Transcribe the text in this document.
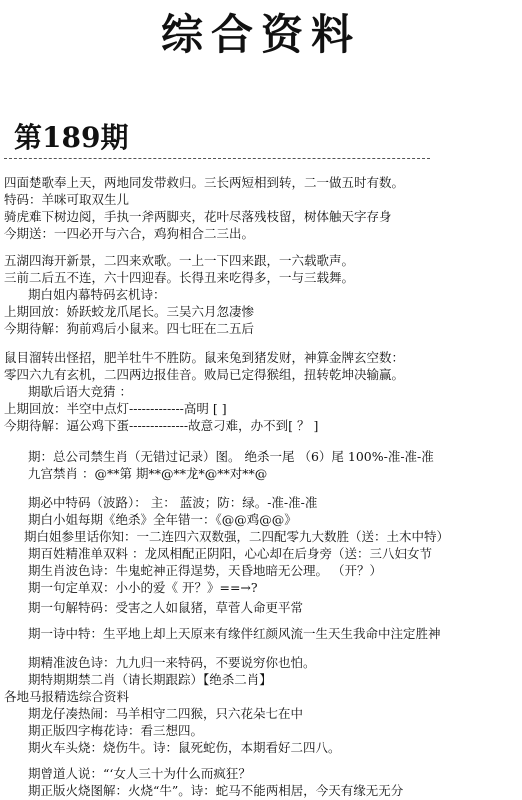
综合资料
第189期
四面楚歌奉上天，两地同发带救归。三长两短相到转，二一做五时有数。
特码：羊咪可取双生儿
骑虎难下树边阅，手执一斧两脚夹，花叶尽落残枝留，树体触天字存身
今期送：一四必开与六合，鸡狗相合二三出。
五湖四海开新景，二四来欢歌。一上一下四来跟，一六载歌声。
三前二后五不连，六十四迎春。长得丑来吃得多，一与三载舞。
期白姐内幕特码玄机诗：
上期回放：娇跃蛟龙爪尾长。三吴六月忽凄惨
今期待解：狗前鸡后小鼠来。四七旺在二五后
鼠目溜转出怪招，肥羊牡牛不胜防。鼠来兔到猪发财，神算金牌玄空数：
零四六九有玄机，二四两边报佳音。败局已定得猴组，扭转乾坤决输赢。
期歇后语大竞猜 ：
上期回放：半空中点灯-------------高明 [ ]
今期待解：逼公鸡下蛋--------------故意刁难，办不到[ ？ ]
期：总公司禁生肖（无错过记录）图。 绝杀一尾 （6）尾 100%-准-准-准
九宫禁肖 ：@**第 期**@**龙*@**对**@
期必中特码（波路）： 主： 蓝波；防：绿。-准-准-准
期白小姐每期《绝杀》全年错一：《@@鸡@@》
期白姐参里话你知：一二连四六双数强，二四配零九大数胜（送：土木中特）
期百姓精准单双料 ：龙凤相配正阴阳，心心却在后身旁（送：三八妇女节
期生肖波色诗：牛鬼蛇神正得逞势，天昏地暗无公理。 （开？）
期一句定单双：小小的爱《 开？》==→?
期一句解特码：受害之人如鼠猪，草菅人命更平常
期一诗中特：生平地上却上天原来有缘伴红颜风流一生天生我命中注定胜神
期精准波色诗：九九归一来特码，不要说穷你也怕。
期特期期禁二肖（请长期跟踪）【绝杀二肖】
各地马报精选综合资料
期龙仔凑热闹：马羊相守二四猴，只六花朵七在中
期正版四字梅花诗：看三想四。
期火车头烧：烧伤牛。诗：鼠死蛇伤，本期看好二四八。
期曾道人说：“‘女人三十为什么而疯狂？
期正版火烧图解：火烧“牛”。诗：蛇马不能两相居，今天有缘无无分
